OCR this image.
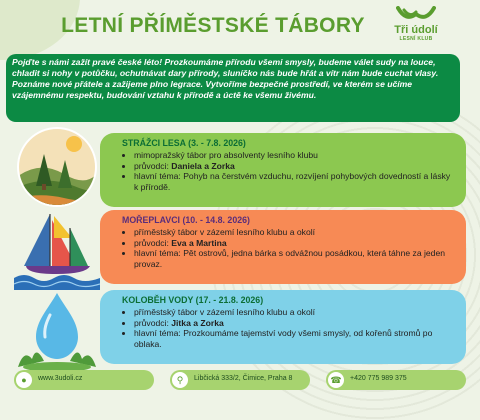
LETNÍ PŘÍMĚSTSKÉ TÁBORY	Tři údolí
LESNÍ KLUB
Pojďte s námi zažít pravé české léto! Prozkoumáme přírodu všemi smysly, budeme válet sudy na louce, chladit si nohy v potůčku, ochutnávat dary přírody, sluníčko nás bude hřát a vítr nám bude cuchat vlasy. Poznáme nové přátele a zažijeme plno legrace. Vytvoříme bezpečné prostředí, ve kterém se učíme vzájemnému respektu, budování vztahu k přírodě a úctě ke všemu živému.
STRÁŽCI LESA (3. - 7.8. 2026)
• mimopražský tábor pro absolventy lesního klubu
• průvodci: Daniela a Zorka
• hlavní téma: Pohyb na čerstvém vzduchu, rozvíjení pohybových dovedností a lásky k přírodě.
MOŘEPLAVCI (10. - 14.8. 2026)
• příměstský tábor v zázemí lesního klubu a okolí
• průvodci: Eva a Martina
• hlavní téma: Pět ostrovů, jedna bárka s odvážnou posádkou, která táhne za jeden provaz.
KOLOBĚH VODY (17. - 21.8. 2026)
• příměstský tábor v zázemí lesního klubu a okolí
• průvodci: Jitka a Zorka
• hlavní téma: Prozkoumáme tajemství vody všemi smysly, od kořenů stromů po oblaka.
●	www.3udoli.cz	⚲	Libčická 333/2, Čimice, Praha 8	☎	+420 775 989 375
